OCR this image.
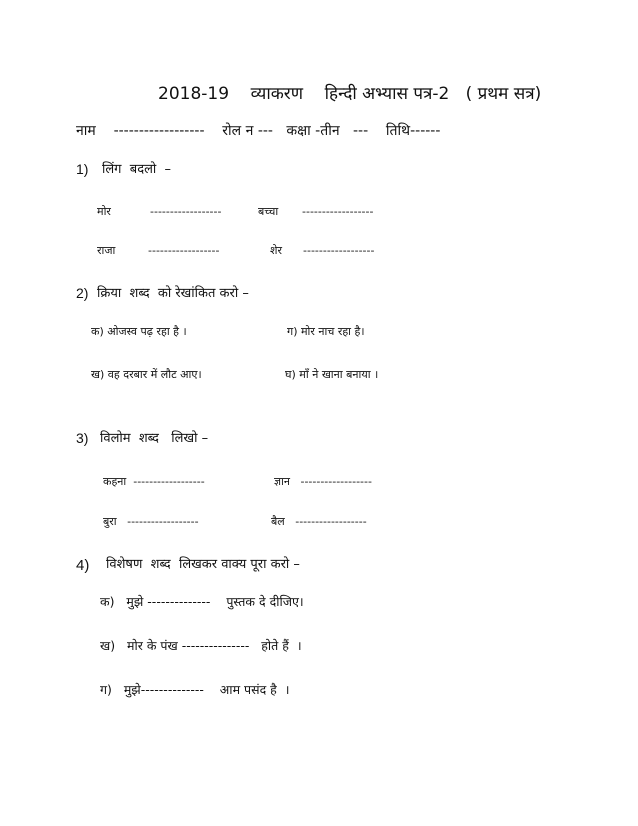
2018-19    व्याकरण    हिन्दी अभ्यास पत्र-2   ( प्रथम सत्र)
नाम    ------------------    रोल न ---   कक्षा -तीन   ---    तिथि------
1) लिंग  बदलो  –
मोर	------------------	बच्चा ------------------
राजा	------------------	शेर ------------------
2) क्रिया  शब्द  को रेखांकित करो –
क) ओजस्व पढ़ रहा है ।	ग) मोर नाच रहा है।
ख) वह दरबार में लौट आए।	घ) माँ ने खाना बनाया ।
3) विलोम  शब्द   लिखो –
कहना  ------------------	ज्ञान   ------------------
बुरा   ------------------	बैल   ------------------
4) विशेषण  शब्द  लिखकर वाक्य पूरा करो –
क)   मुझे --------------    पुस्तक दे दीजिए।
ख)   मोर के पंख ---------------   होते हैं  ।
ग)   मुझे--------------    आम पसंद है  ।
